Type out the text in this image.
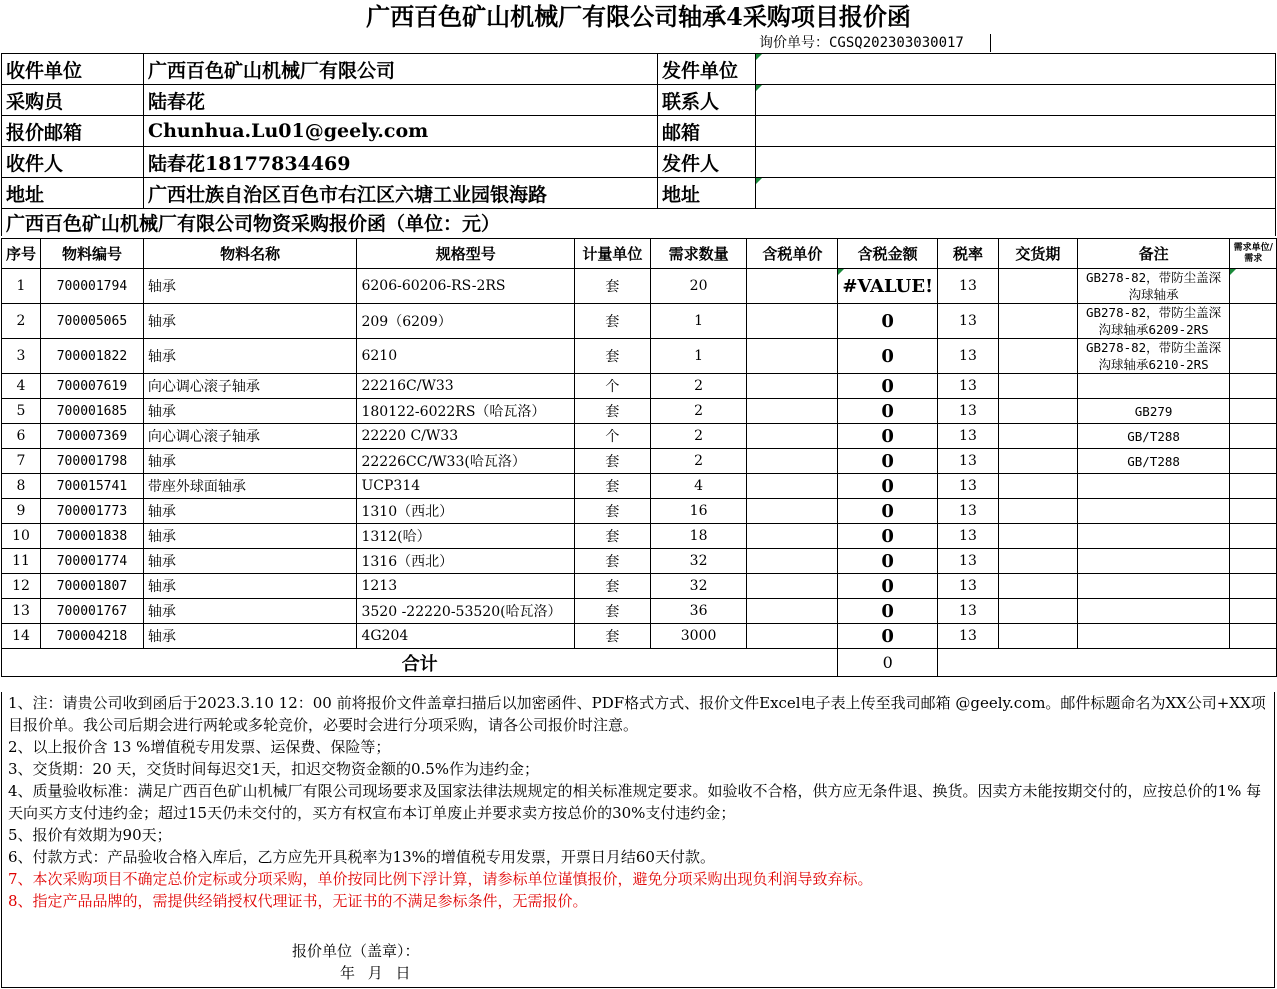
广西百色矿山机械厂有限公司轴承4采购项目报价函
询价单号：CGSQ202303030017
收件单位	广西百色矿山机械厂有限公司	发件单位	
采购员	陆春花	联系人	
报价邮箱	Chunhua.Lu01@geely.com	邮箱	
收件人	陆春花18177834469	发件人	
地址	广西壮族自治区百色市右江区六塘工业园银海路	地址	
广西百色矿山机械厂有限公司物资采购报价函（单位：元）
序号	物料编号	物料名称	规格型号	计量单位	需求数量	含税单价	含税金额	税率	交货期	备注	需求单位/需求
1	700001794	轴承	6206-60206-RS-2RS	套	20		#VALUE!	13		GB278-82，带防尘盖深沟球轴承	
2	700005065	轴承	209（6209）	套	1		0	13		GB278-82，带防尘盖深沟球轴承6209-2RS	
3	700001822	轴承	6210	套	1		0	13		GB278-82，带防尘盖深沟球轴承6210-2RS	
4	700007619	向心调心滚子轴承	22216C/W33	个	2		0	13			
5	700001685	轴承	180122-6022RS（哈瓦洛）	套	2		0	13		GB279	
6	700007369	向心调心滚子轴承	22220 C/W33	个	2		0	13		GB/T288	
7	700001798	轴承	22226CC/W33(哈瓦洛）	套	2		0	13		GB/T288	
8	700015741	带座外球面轴承	UCP314	套	4		0	13			
9	700001773	轴承	1310（西北）	套	16		0	13			
10	700001838	轴承	1312(哈）	套	18		0	13			
11	700001774	轴承	1316（西北）	套	32		0	13			
12	700001807	轴承	1213	套	32		0	13			
13	700001767	轴承	3520 -22220-53520(哈瓦洛）	套	36		0	13			
14	700004218	轴承	4G204	套	3000		0	13			
合计							0				

1、注：请贵公司收到函后于2023.3.10 12：00 前将报价文件盖章扫描后以加密函件、PDF格式方式、报价文件Excel电子表上传至我司邮箱 @geely.com。邮件标题命名为XX公司+XX项目报价单。我公司后期会进行两轮或多轮竞价，必要时会进行分项采购，请各公司报价时注意。

2、以上报价含 13 %增值税专用发票、运保费、保险等；

3、交货期：20 天，交货时间每迟交1天，扣迟交物资金额的0.5%作为违约金；

4、质量验收标准：满足广西百色矿山机械厂有限公司现场要求及国家法律法规规定的相关标准规定要求。如验收不合格，供方应无条件退、换货。因卖方未能按期交付的，应按总价的1% 每天向买方支付违约金；超过15天仍未交付的，买方有权宣布本订单废止并要求卖方按总价的30%支付违约金；

5、报价有效期为90天；

6、付款方式：产品验收合格入库后，乙方应先开具税率为13%的增值税专用发票，开票日月结60天付款。

7、本次采购项目不确定总价定标或分项采购，单价按同比例下浮计算，请参标单位谨慎报价，避免分项采购出现负利润导致弃标。

8、指定产品品牌的，需提供经销授权代理证书，无证书的不满足参标条件，无需报价。

报价单位（盖章）：
年 月 日
